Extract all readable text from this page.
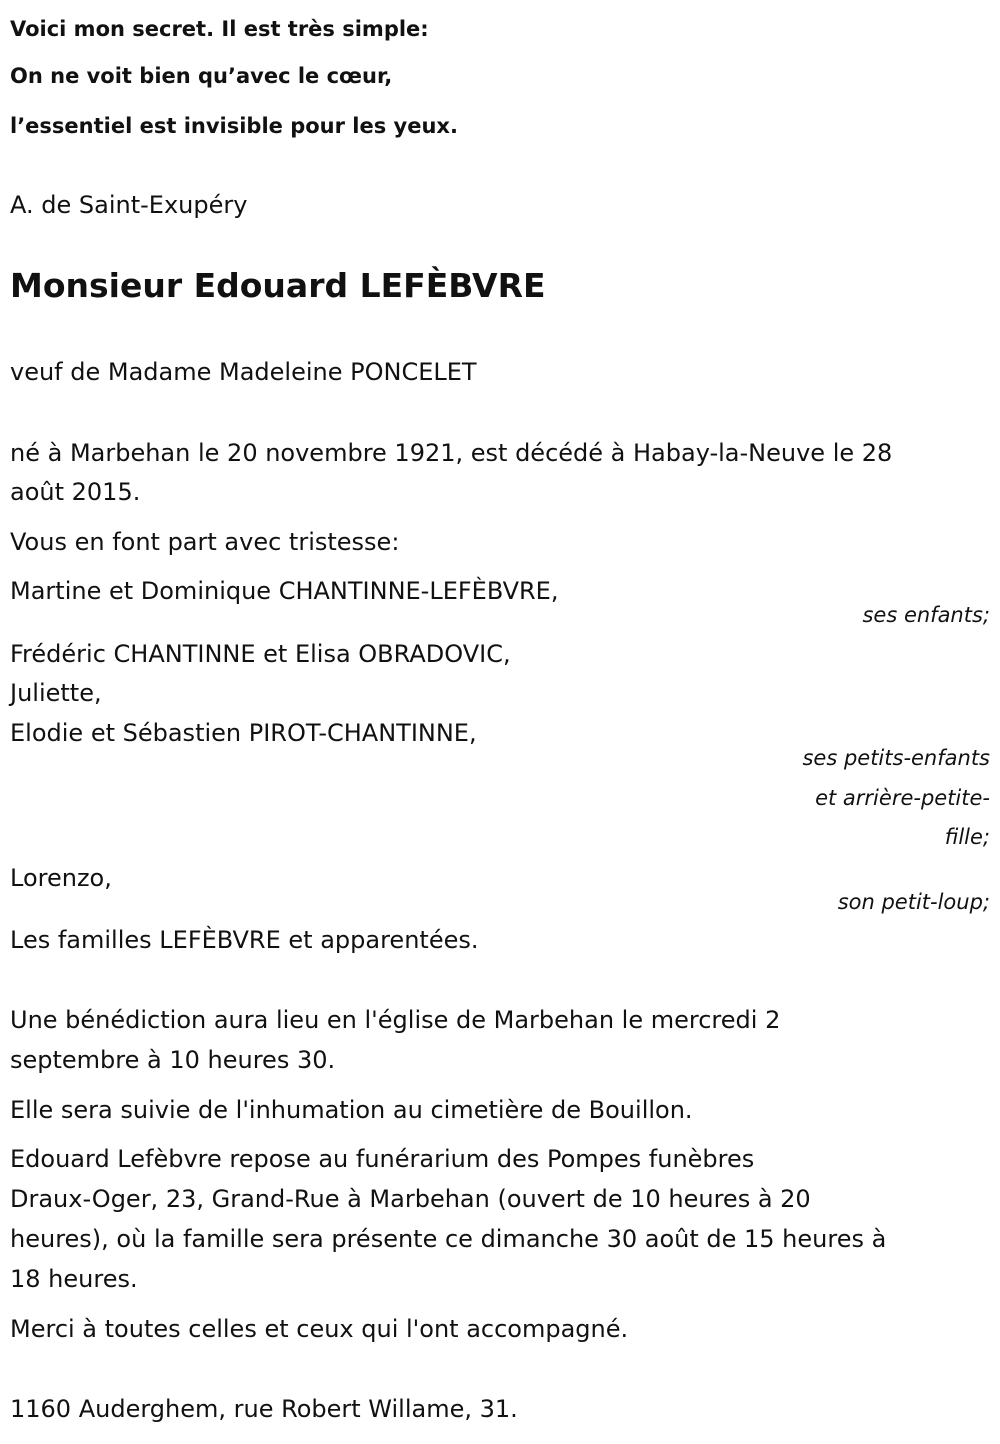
Voici mon secret. Il est très simple:
On ne voit bien qu’avec le cœur,
l’essentiel est invisible pour les yeux.
A. de Saint-Exupéry
Monsieur Edouard LEFÈBVRE
veuf de Madame Madeleine PONCELET
né à Marbehan le 20 novembre 1921, est décédé à Habay-la-Neuve le 28
août 2015.
Vous en font part avec tristesse:
Martine et Dominique CHANTINNE-LEFÈBVRE,
ses enfants;
Frédéric CHANTINNE et Elisa OBRADOVIC,
Juliette,
Elodie et Sébastien PIROT-CHANTINNE,
ses petits-enfants
et arrière-petite-
fille;
Lorenzo,
son petit-loup;
Les familles LEFÈBVRE et apparentées.
Une bénédiction aura lieu en l'église de Marbehan le mercredi 2
septembre à 10 heures 30.
Elle sera suivie de l'inhumation au cimetière de Bouillon.
Edouard Lefèbvre repose au funérarium des Pompes funèbres
Draux-Oger, 23, Grand-Rue à Marbehan (ouvert de 10 heures à 20
heures), où la famille sera présente ce dimanche 30 août de 15 heures à
18 heures.
Merci à toutes celles et ceux qui l'ont accompagné.
1160 Auderghem, rue Robert Willame, 31.
